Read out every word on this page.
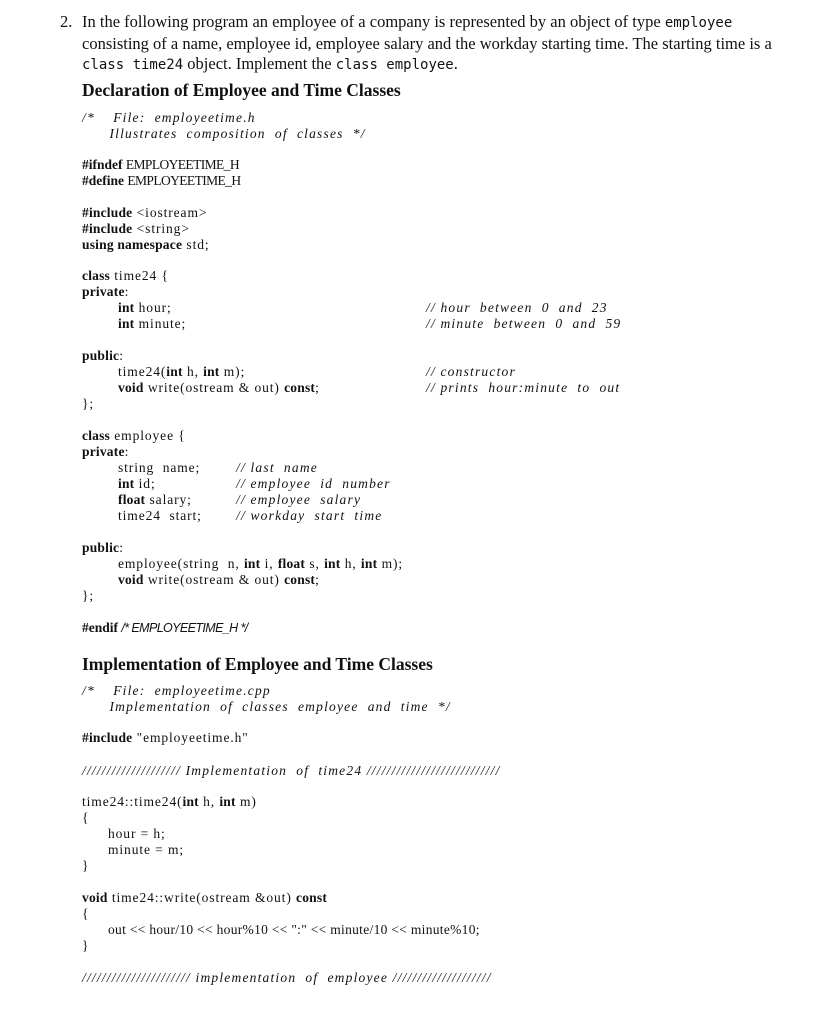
2. In the following program an employee of a company is represented by an object of type employee consisting of a name, employee id, employee salary and the workday starting time. The starting time is a class time24 object. Implement the class employee.
Declaration of Employee and Time Classes
/*    File:  employeetime.h
Illustrates  composition  of  classes  */
#ifndef EMPLOYEETIME_H
#define EMPLOYEETIME_H
#include <iostream>
#include <string>
using namespace std;
class time24 {
private:
int hour;	// hour  between  0  and  23
int minute;	// minute  between  0  and  59
public:
time24(int h, int m);	// constructor
void write(ostream & out) const;	// prints  hour:minute  to  out
};
class employee {
private:
string  name;	// last  name
int id;	// employee  id  number
float salary;	// employee  salary
time24  start;	// workday  start  time
public:
employee(string  n, int i, float s, int h, int m);
void write(ostream & out) const;
};
#endif /* EMPLOYEETIME_H */
Implementation of Employee and Time Classes
/*    File:  employeetime.cpp
Implementation  of  classes  employee  and  time  */
#include "employeetime.h"
//////////////////// Implementation  of  time24 ///////////////////////////
time24::time24(int h, int m)
{
hour = h;
minute = m;
}
void time24::write(ostream &out) const
{
out << hour/10 << hour%10 << ":" << minute/10 << minute%10;
}
////////////////////// implementation  of  employee ////////////////////
